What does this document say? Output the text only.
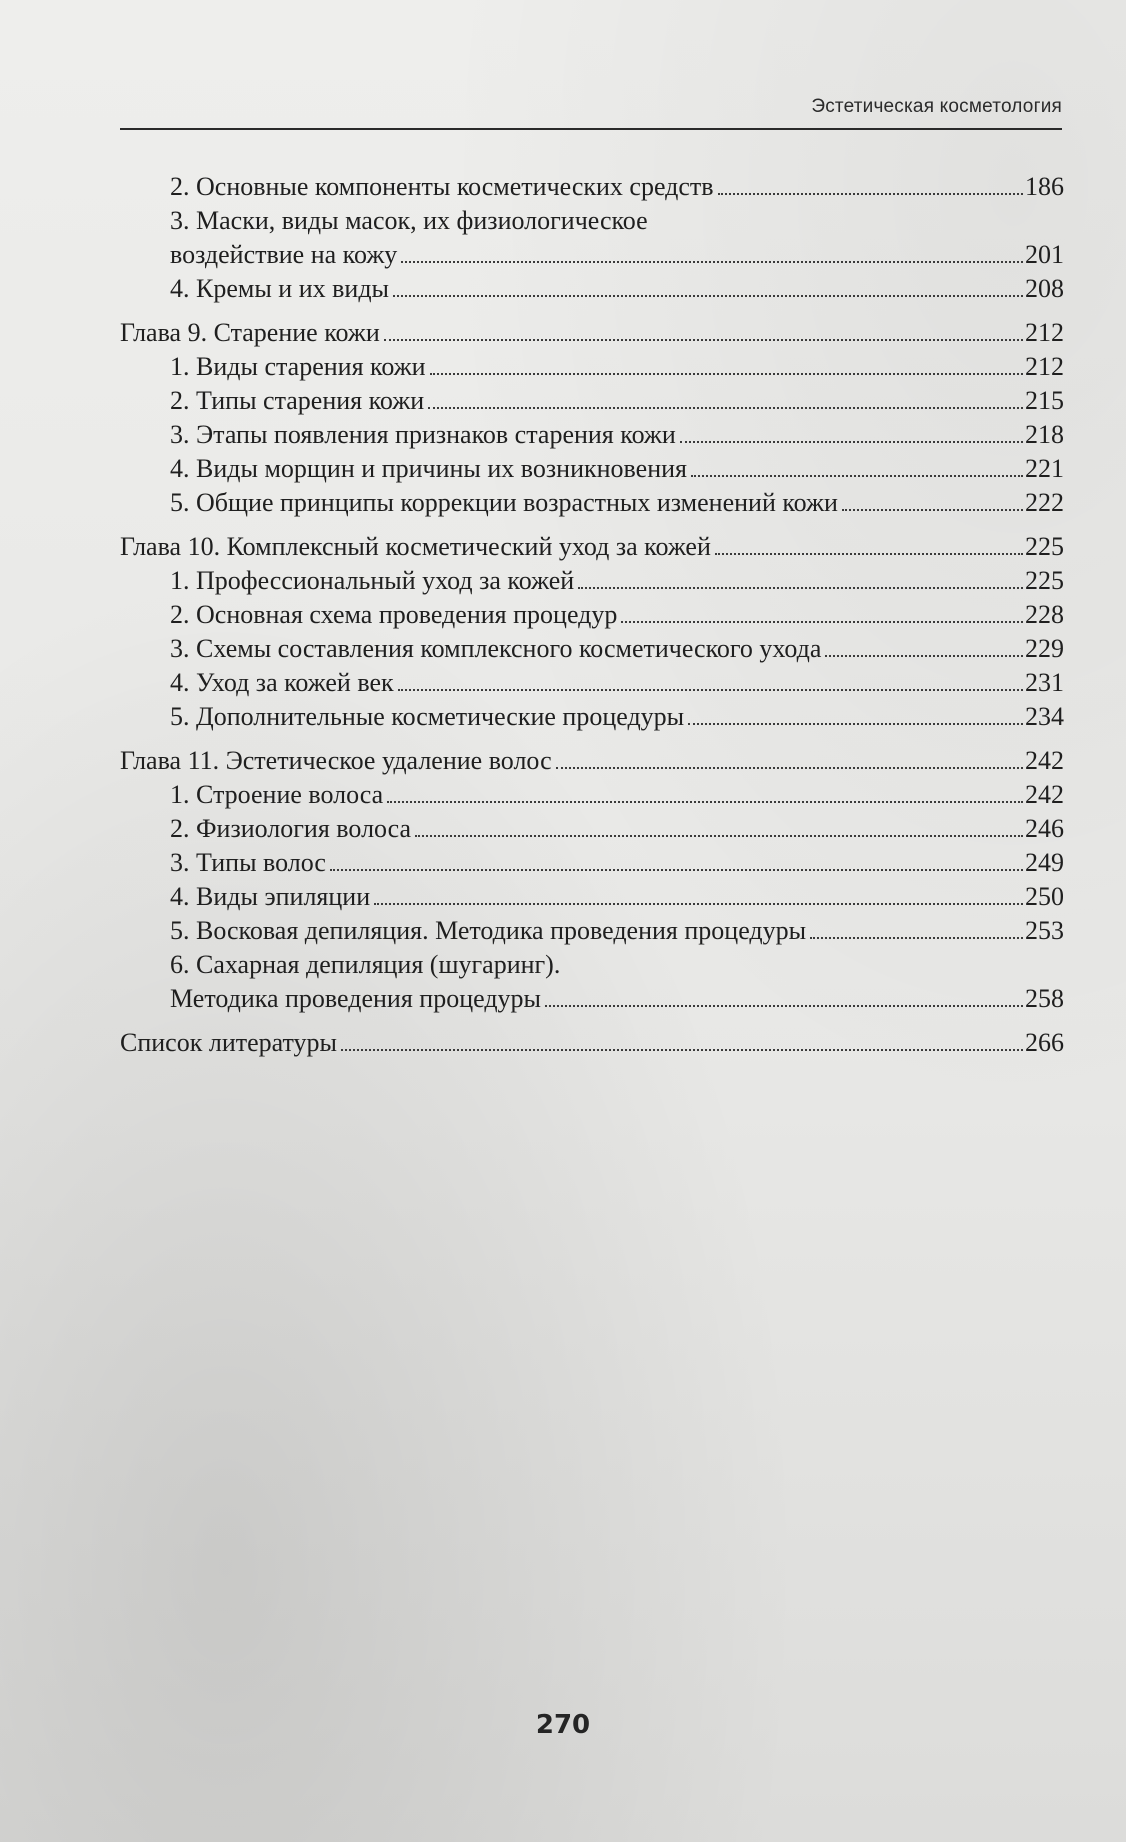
Эстетическая косметология
2. Основные компоненты косметических средств	186
3. Маски, виды масок, их физиологическое
воздействие на кожу	201
4. Кремы и их виды	208
Глава 9. Старение кожи	212
1. Виды старения кожи	212
2. Типы старения кожи	215
3. Этапы появления признаков старения кожи	218
4. Виды морщин и причины их возникновения	221
5. Общие принципы коррекции возрастных изменений кожи	222
Глава 10. Комплексный косметический уход за кожей	225
1. Профессиональный уход за кожей	225
2. Основная схема проведения процедур	228
3. Схемы составления комплексного косметического ухода	229
4. Уход за кожей век	231
5. Дополнительные косметические процедуры	234
Глава 11. Эстетическое удаление волос	242
1. Строение волоса	242
2. Физиология волоса	246
3. Типы волос	249
4. Виды эпиляции	250
5. Восковая депиляция. Методика проведения процедуры	253
6. Сахарная депиляция (шугаринг).
Методика проведения процедуры	258
Список литературы	266
270
